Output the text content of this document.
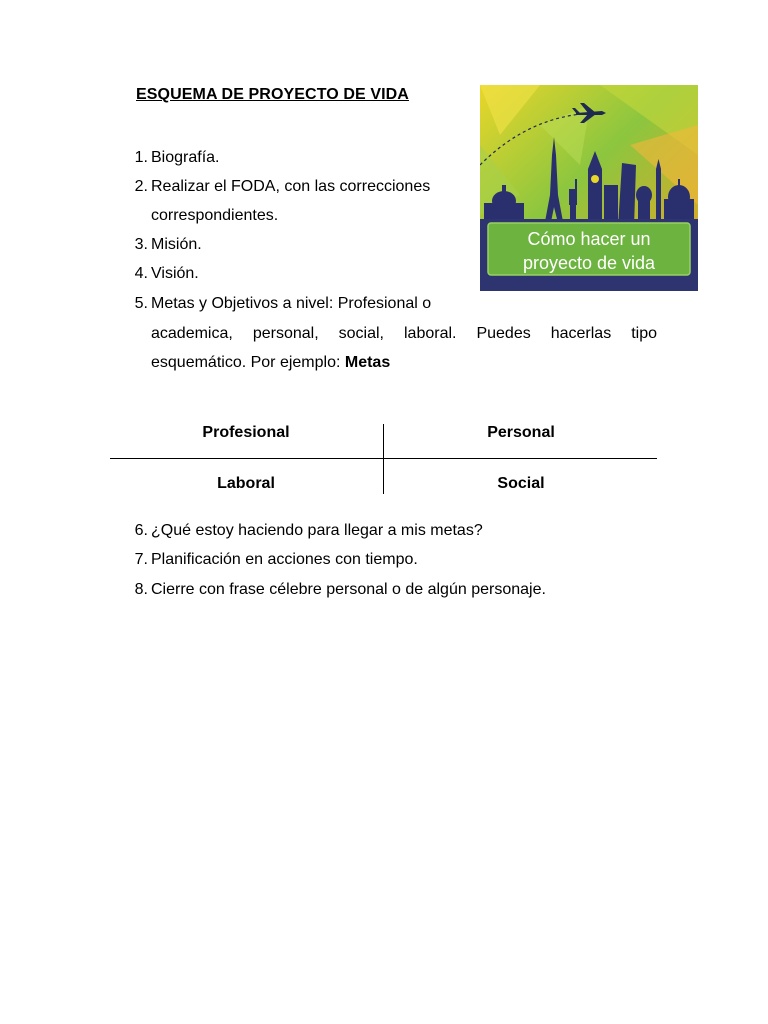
ESQUEMA DE PROYECTO DE VIDA
Cómo hacer un
proyecto de vida
1. Biografía.
2. Realizar el FODA, con las correcciones
correspondientes.
3. Misión.
4. Visión.
5. Metas y Objetivos a nivel: Profesional o
academica, personal, social, laboral. Puedes hacerlas tipo
esquemático. Por ejemplo: Metas
Profesional	Personal
Laboral	Social
6. ¿Qué estoy haciendo para llegar a mis metas?
7. Planificación en acciones con tiempo.
8. Cierre con frase célebre personal o de algún personaje.
